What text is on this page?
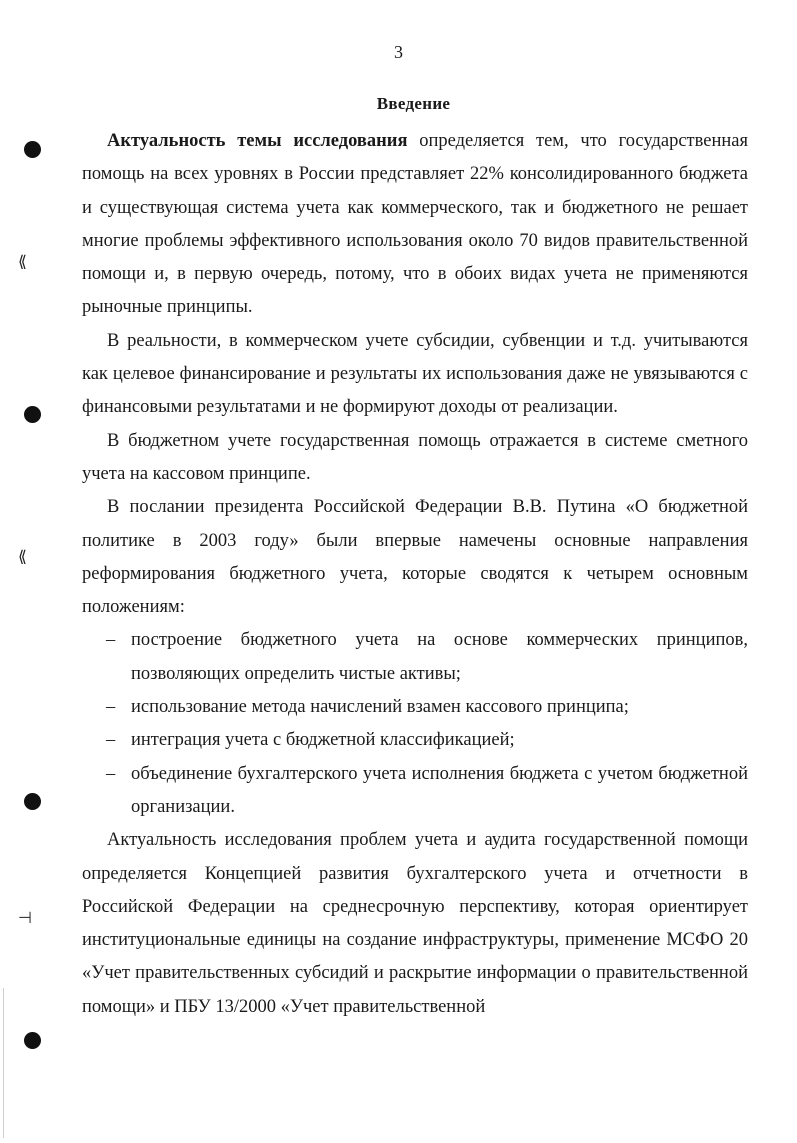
3
Введение

Актуальность темы исследования определяется тем, что государственная помощь на всех уровнях в России представляет 22% консолидированного бюджета и существующая система учета как коммерческого, так и бюджетного не решает многие проблемы эффективного использования около 70 видов правительственной помощи и, в первую очередь, потому, что в обоих видах учета не применяются рыночные принципы.

В реальности, в коммерческом учете субсидии, субвенции и т.д. учитываются как целевое финансирование и результаты их использования даже не увязываются с финансовыми результатами и не формируют доходы от реализации.

В бюджетном учете государственная помощь отражается в системе сметного учета на кассовом принципе.

В послании президента Российской Федерации В.В. Путина «О бюджетной политике в 2003 году» были впервые намечены основные направления реформирования бюджетного учета, которые сводятся к четырем основным положениям:

– построение бюджетного учета на основе коммерческих принципов, позволяющих определить чистые активы;
– использование метода начислений взамен кассового принципа;
– интеграция учета с бюджетной классификацией;
– объединение бухгалтерского учета исполнения бюджета с учетом бюджетной организации.

Актуальность исследования проблем учета и аудита государственной помощи определяется Концепцией развития бухгалтерского учета и отчетности в Российской Федерации на среднесрочную перспективу, которая ориентирует институциональные единицы на создание инфраструктуры, применение МСФО 20 «Учет правительственных субсидий и раскрытие информации о правительственной помощи» и ПБУ 13/2000 «Учет правительственной

⟪
⟪
⊣
